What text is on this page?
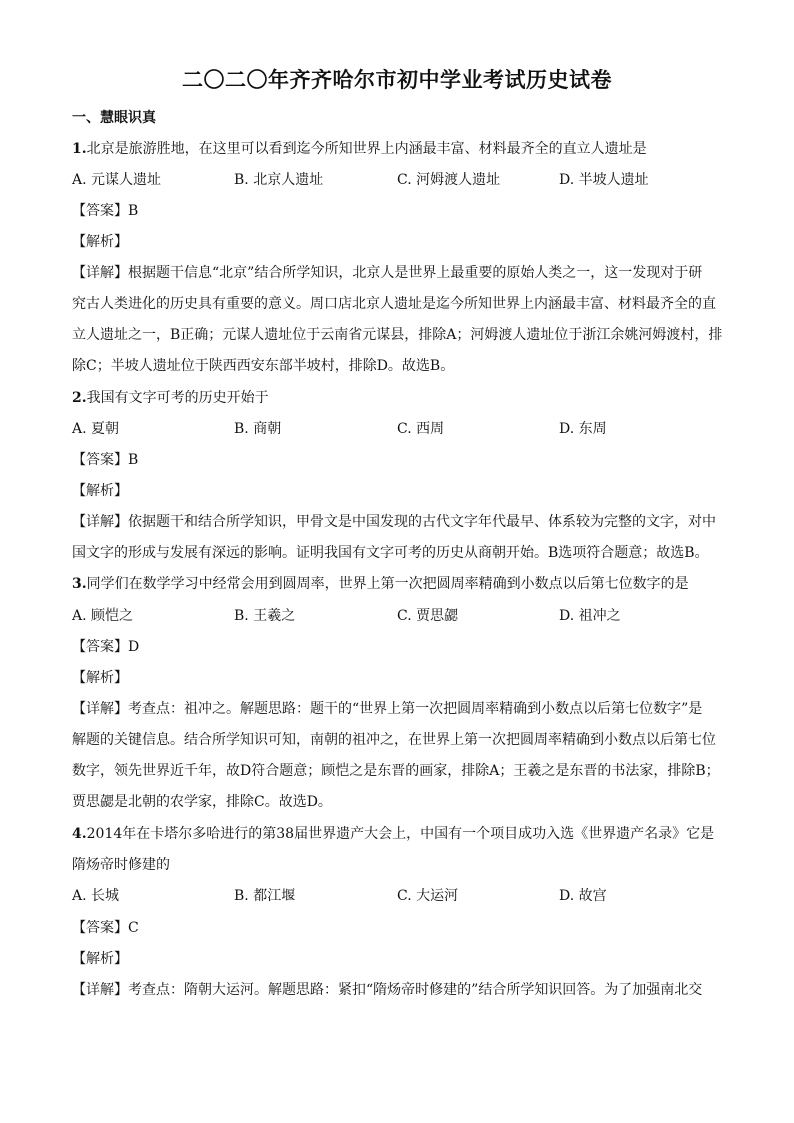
二〇二〇年齐齐哈尔市初中学业考试历史试卷
一、慧眼识真
1.北京是旅游胜地，在这里可以看到迄今所知世界上内涵最丰富、材料最齐全的直立人遗址是
A. 元谋人遗址	B. 北京人遗址	C. 河姆渡人遗址	D. 半坡人遗址
【答案】B
【解析】
【详解】根据题干信息“北京”结合所学知识，北京人是世界上最重要的原始人类之一，这一发现对于研
究古人类进化的历史具有重要的意义。周口店北京人遗址是迄今所知世界上内涵最丰富、材料最齐全的直
立人遗址之一，B正确；元谋人遗址位于云南省元谋县，排除A；河姆渡人遗址位于浙江余姚河姆渡村，排
除C；半坡人遗址位于陕西西安东部半坡村，排除D。故选B。
2.我国有文字可考的历史开始于
A. 夏朝	B. 商朝	C. 西周	D. 东周
【答案】B
【解析】
【详解】依据题干和结合所学知识，甲骨文是中国发现的古代文字年代最早、体系较为完整的文字，对中
国文字的形成与发展有深远的影响。证明我国有文字可考的历史从商朝开始。B选项符合题意；故选B。
3.同学们在数学学习中经常会用到圆周率，世界上第一次把圆周率精确到小数点以后第七位数字的是
A. 顾恺之	B. 王羲之	C. 贾思勰	D. 祖冲之
【答案】D
【解析】
【详解】考查点：祖冲之。解题思路：题干的“世界上第一次把圆周率精确到小数点以后第七位数字”是
解题的关键信息。结合所学知识可知，南朝的祖冲之，在世界上第一次把圆周率精确到小数点以后第七位
数字，领先世界近千年，故D符合题意；顾恺之是东晋的画家，排除A；王羲之是东晋的书法家，排除B；
贾思勰是北朝的农学家，排除C。故选D。
4.2014年在卡塔尔多哈进行的第38届世界遗产大会上，中国有一个项目成功入选《世界遗产名录》它是
隋炀帝时修建的
A. 长城	B. 都江堰	C. 大运河	D. 故宫
【答案】C
【解析】
【详解】考查点：隋朝大运河。解题思路：紧扣“隋炀帝时修建的”结合所学知识回答。为了加强南北交
